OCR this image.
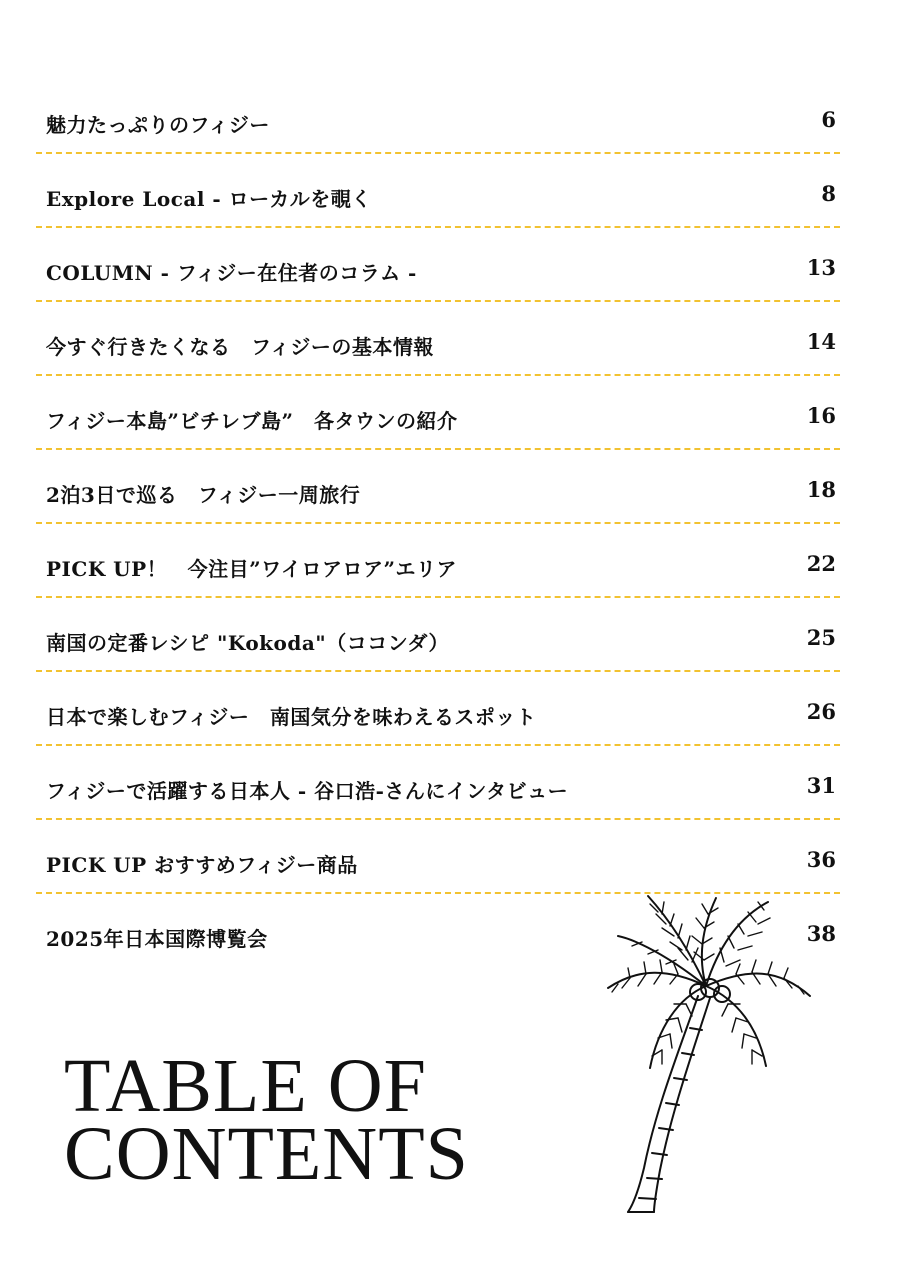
魅力たっぷりのフィジー	6
Explore Local - ローカルを覗く	8
COLUMN - フィジー在住者のコラム -	13
今すぐ行きたくなる　フィジーの基本情報	14
フィジー本島”ビチレブ島”　各タウンの紹介	16
2泊3日で巡る　フィジー一周旅行	18
PICK UP！　今注目”ワイロアロア”エリア	22
南国の定番レシピ "Kokoda"（ココンダ）	25
日本で楽しむフィジー　南国気分を味わえるスポット	26
フィジーで活躍する日本人 - 谷口浩-さんにインタビュー	31
PICK UP おすすめフィジー商品	36
2025年日本国際博覧会	38
TABLE OF
CONTENTS
